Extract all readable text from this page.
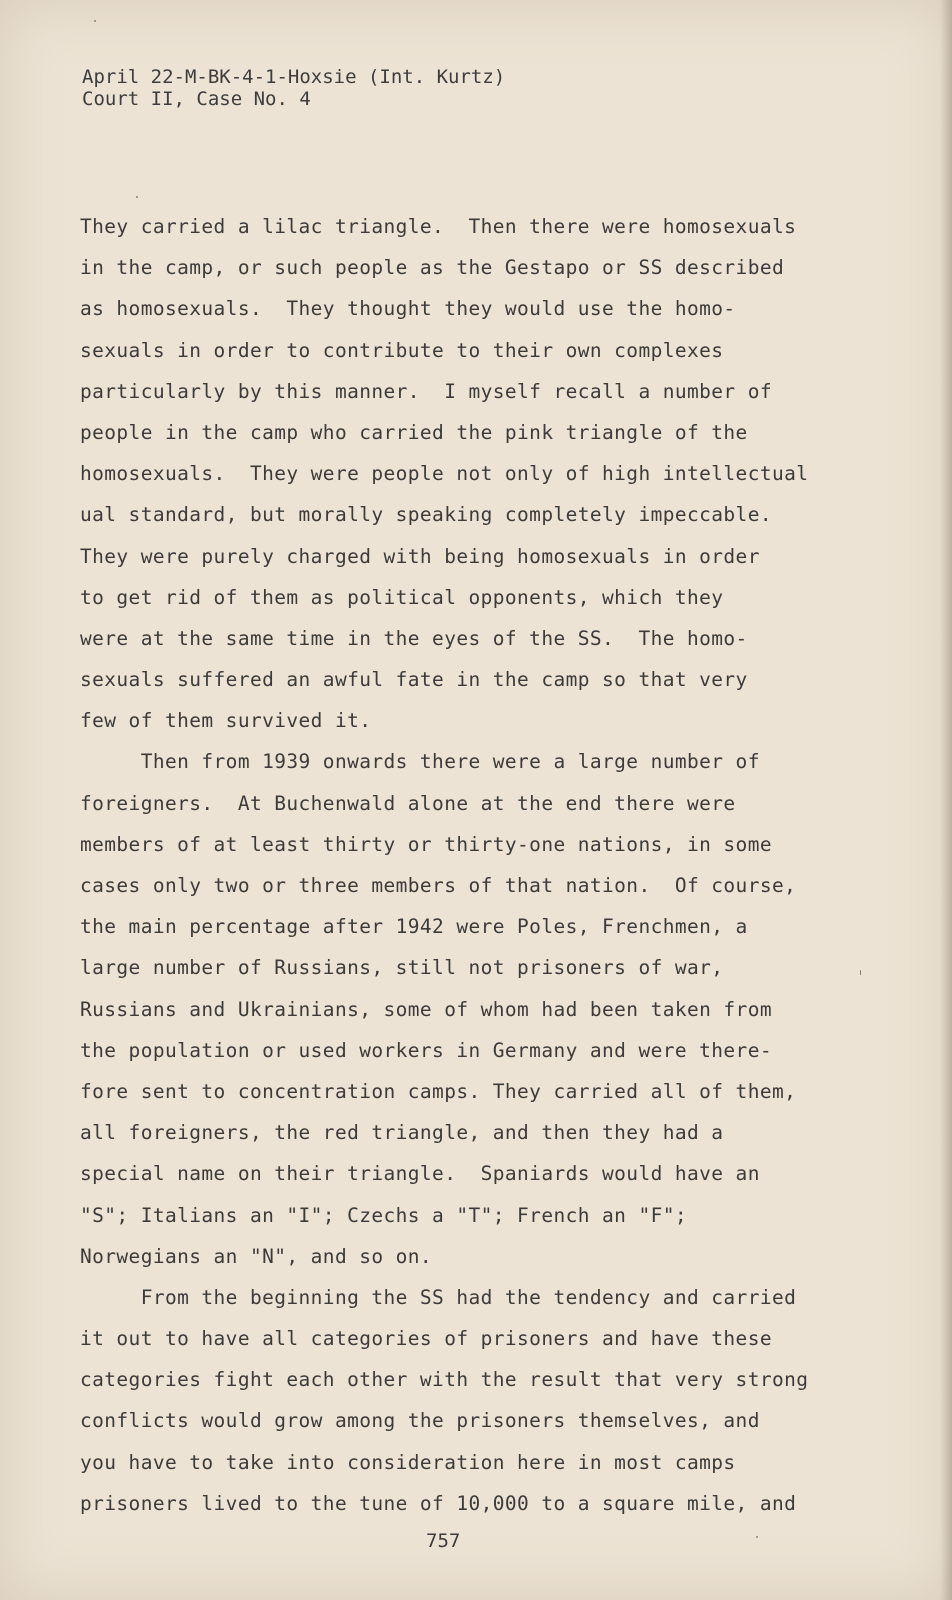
April 22-M-BK-4-1-Hoxsie (Int. Kurtz)
Court II, Case No. 4
They carried a lilac triangle.  Then there were homosexuals
in the camp, or such people as the Gestapo or SS described
as homosexuals.  They thought they would use the homo-
sexuals in order to contribute to their own complexes
particularly by this manner.  I myself recall a number of
people in the camp who carried the pink triangle of the
homosexuals.  They were people not only of high intellectual
ual standard, but morally speaking completely impeccable.
They were purely charged with being homosexuals in order
to get rid of them as political opponents, which they
were at the same time in the eyes of the SS.  The homo-
sexuals suffered an awful fate in the camp so that very
few of them survived it.
Then from 1939 onwards there were a large number of
foreigners.  At Buchenwald alone at the end there were
members of at least thirty or thirty-one nations, in some
cases only two or three members of that nation.  Of course,
the main percentage after 1942 were Poles, Frenchmen, a
large number of Russians, still not prisoners of war,
Russians and Ukrainians, some of whom had been taken from
the population or used workers in Germany and were there-
fore sent to concentration camps. They carried all of them,
all foreigners, the red triangle, and then they had a
special name on their triangle.  Spaniards would have an
"S"; Italians an "I"; Czechs a "T"; French an "F";
Norwegians an "N", and so on.
From the beginning the SS had the tendency and carried
it out to have all categories of prisoners and have these
categories fight each other with the result that very strong
conflicts would grow among the prisoners themselves, and
you have to take into consideration here in most camps
prisoners lived to the tune of 10,000 to a square mile, and
757
